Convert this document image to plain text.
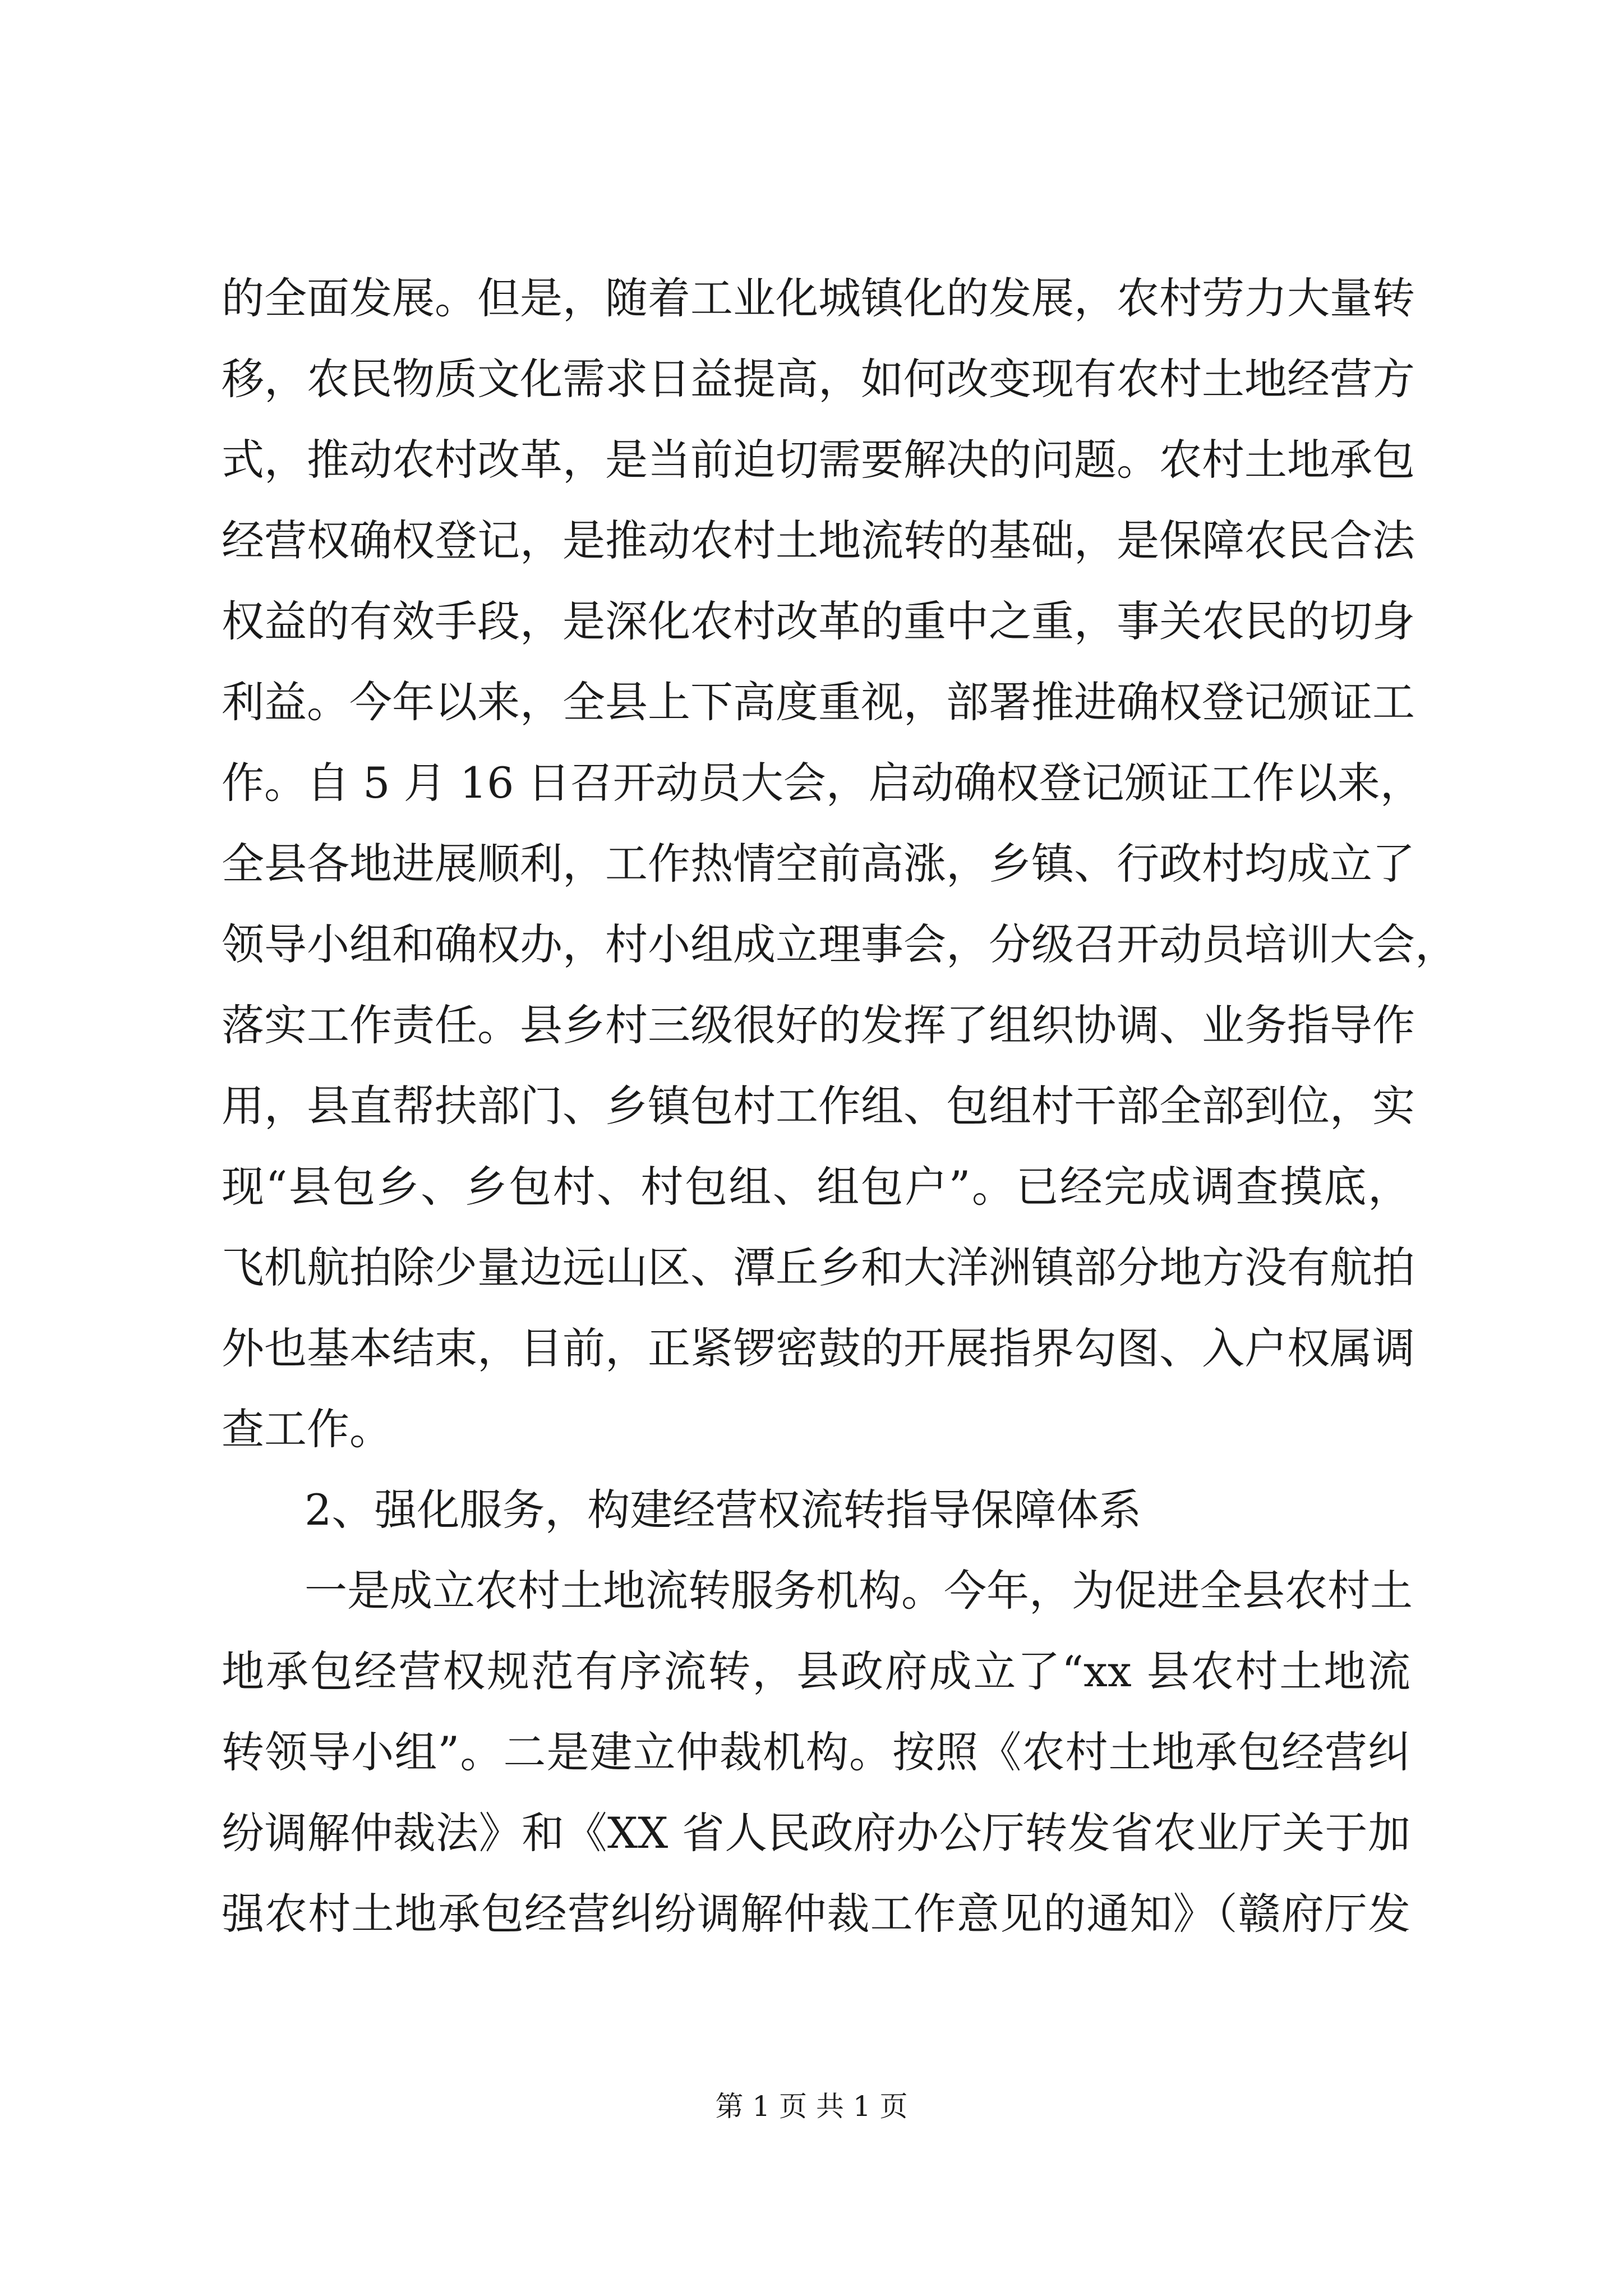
的全面发展。但是，随着工业化城镇化的发展，农村劳力大量转
移，农民物质文化需求日益提高，如何改变现有农村土地经营方
式，推动农村改革，是当前迫切需要解决的问题。农村土地承包
经营权确权登记，是推动农村土地流转的基础，是保障农民合法
权益的有效手段，是深化农村改革的重中之重，事关农民的切身
利益。今年以来，全县上下高度重视，部署推进确权登记颁证工
作。自 5 月 16 日召开动员大会，启动确权登记颁证工作以来，
全县各地进展顺利，工作热情空前高涨，乡镇、行政村均成立了
领导小组和确权办，村小组成立理事会，分级召开动员培训大会，
落实工作责任。县乡村三级很好的发挥了组织协调、业务指导作
用，县直帮扶部门、乡镇包村工作组、包组村干部全部到位，实
现“县包乡、乡包村、村包组、组包户”。已经完成调查摸底，
飞机航拍除少量边远山区、潭丘乡和大洋洲镇部分地方没有航拍
外也基本结束，目前，正紧锣密鼓的开展指界勾图、入户权属调
查工作。
2、强化服务，构建经营权流转指导保障体系
一是成立农村土地流转服务机构。今年，为促进全县农村土
地承包经营权规范有序流转，县政府成立了“xx 县农村土地流
转领导小组”。二是建立仲裁机构。按照《农村土地承包经营纠
纷调解仲裁法》和《XX 省人民政府办公厅转发省农业厅关于加
强农村土地承包经营纠纷调解仲裁工作意见的通知》（赣府厅发
第 1 页 共 1 页
